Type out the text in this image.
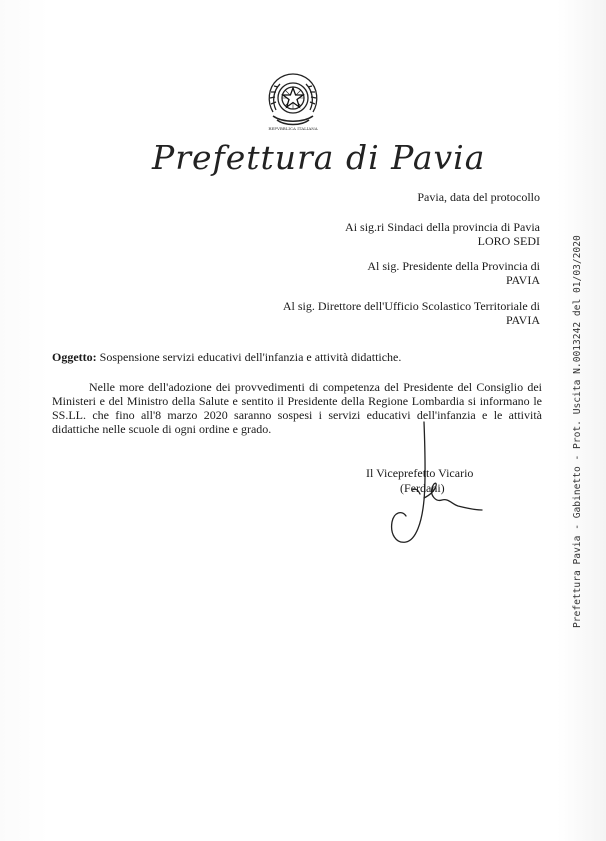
REPVBBLICA ITALIANA
Prefettura di Pavia
Pavia, data del protocollo
Ai sig.ri Sindaci della provincia di Pavia
LORO SEDI
Al sig. Presidente della Provincia di
PAVIA
Al sig. Direttore dell'Ufficio Scolastico Territoriale di
PAVIA
Oggetto: Sospensione servizi educativi dell'infanzia e attività didattiche.
Nelle more dell'adozione dei provvedimenti di competenza del Presidente del Consiglio dei Ministeri e del Ministro della Salute e sentito il Presidente della Regione Lombardia si informano le SS.LL. che fino all'8 marzo 2020 saranno sospesi i servizi educativi dell'infanzia e le attività didattiche nelle scuole di ogni ordine e grado.
Il Viceprefetto Vicario
(Ferdani)	Prefettura Pavia - Gabinetto - Prot. Uscita N.0013242 del 01/03/2020
